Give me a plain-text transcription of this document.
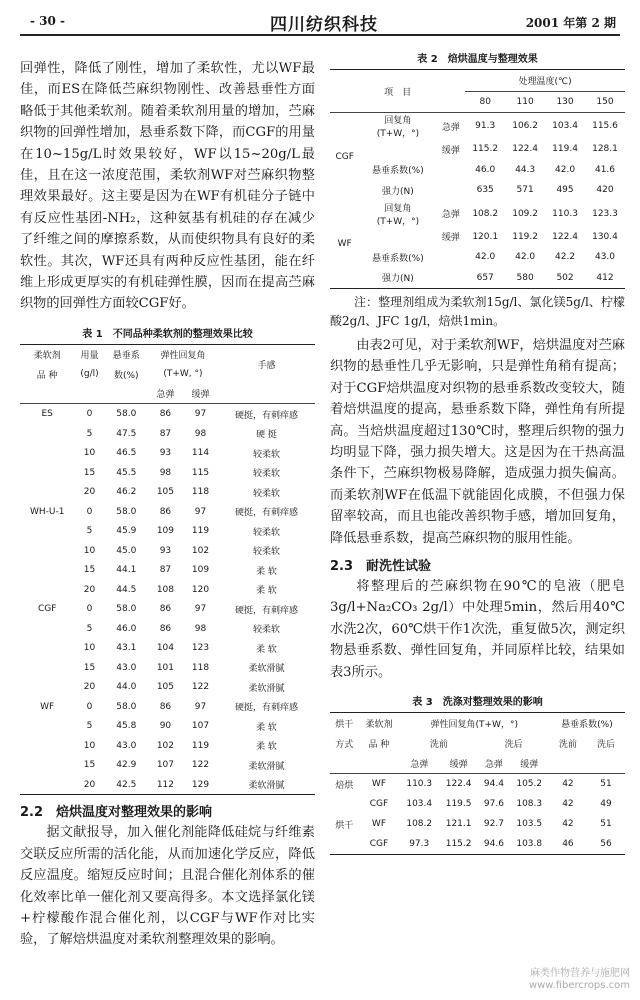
- 30 -	四川纺织科技	2001 年第 2 期

回弹性，降低了刚性，增加了柔软性，尤以WF最佳，而ES在降低苎麻织物刚性、改善悬垂性方面略低于其他柔软剂。随着柔软剂用量的增加，苎麻织物的回弹性增加，悬垂系数下降，而CGF的用量在10~15g/L时效果较好，WF以15~20g/L最佳，且在这一浓度范围，柔软剂WF对苎麻织物整理效果最好。这主要是因为在WF有机硅分子链中有反应性基团-NH₂，这种氨基有机硅的存在减少了纤维之间的摩擦系数，从而使织物具有良好的柔软性。其次，WF还具有两种反应性基团，能在纤维上形成更厚实的有机硅弹性膜，因而在提高苎麻织物的回弹性方面较CGF好。

表 1　不同品种柔软剂的整理效果比较
柔软剂	用量	悬垂系	弹性回复角		手感
品 种	(g/l)	数(%)	(T+W, °)		
			急弹	缓弹	
ES	0	58.0	86	97	硬挺，有刺痒感
	5	47.5	87	98	硬 挺
	10	46.5	93	114	较柔软
	15	45.5	98	115	较柔软
	20	46.2	105	118	较柔软
WH-U-1	0	58.0	86	97	硬挺，有刺痒感
	5	45.9	109	119	较柔软
	10	45.0	93	102	较柔软
	15	44.1	87	109	柔 软
	20	44.5	108	120	柔 软
CGF	0	58.0	86	97	硬挺，有刺痒感
	5	46.0	86	98	较柔软
	10	43.1	104	123	柔 软
	15	43.0	101	118	柔软滑腻
	20	44.0	105	122	柔软滑腻
WF	0	58.0	86	97	硬挺，有刺痒感
	5	45.8	90	107	柔 软
	10	43.0	102	119	柔 软
	15	42.9	107	122	柔软滑腻
	20	42.5	112	129	柔软滑腻
2.2　焙烘温度对整理效果的影响

据文献报导，加入催化剂能降低硅烷与纤维素交联反应所需的活化能，从而加速化学反应，降低反应温度。缩短反应时间；且混合催化剂体系的催化效率比单一催化剂又要高得多。本文选择氯化镁+柠檬酸作混合催化剂，以CGF与WF作对比实验，了解焙烘温度对柔软剂整理效果的影响。

表 2　焙烘温度与整理效果
项　目			处理温度(℃)			
			80	110	130	150
CGF	回复角
(T+W，°)	急弹	91.3	106.2	103.4	115.6

		缓弹	115.2	122.4	119.4	128.1

	悬垂系数(%)		46.0	44.3	42.0	41.6

	强力(N)		635	571	495	420
WF	回复角
(T+W，°)	急弹	108.2	109.2	110.3	123.3

		缓弹	120.1	119.2	122.4	130.4

	悬垂系数(%)		42.0	42.0	42.2	43.0

	强力(N)		657	580	502	412

注：整理剂组成为柔软剂15g/l、氯化镁5g/l、柠檬酸2g/l、JFC 1g/l，焙烘1min。

由表2可见，对于柔软剂WF，焙烘温度对苎麻织物的悬垂性几乎无影响，只是弹性角稍有提高；对于CGF焙烘温度对织物的悬垂系数改变较大，随着焙烘温度的提高，悬垂系数下降，弹性角有所提高。当焙烘温度超过130℃时，整理后织物的强力均明显下降，强力损失增大。这是因为在干热高温条件下，苎麻织物极易降解，造成强力损失偏高。而柔软剂WF在低温下就能固化成膜，不但强力保留率较高，而且也能改善织物手感，增加回复角，降低悬垂系数，提高苎麻织物的服用性能。

2.3　耐洗性试验

将整理后的苎麻织物在90℃的皂液（肥皂3g/l+Na₂CO₃ 2g/l）中处理5min，然后用40℃水洗2次，60℃烘干作1次洗，重复做5次，测定织物悬垂系数、弹性回复角，并同原样比较，结果如表3所示。

表 3　洗涤对整理效果的影响
烘干	柔软剂	弹性回复角(T+W，°)				悬垂系数(%)	
方式	品 种	洗前		洗后		洗前	洗后
		急弹	缓弹	急弹	缓弹		
焙烘	WF	110.3	122.4	94.4	105.2	42	51
	CGF	103.4	119.5	97.6	108.3	42	49
烘干	WF	108.2	121.1	92.7	103.5	42	51
	CGF	97.3	115.2	94.6	103.8	46	56
麻类作物营养与施肥网
www.fibercrops.com
